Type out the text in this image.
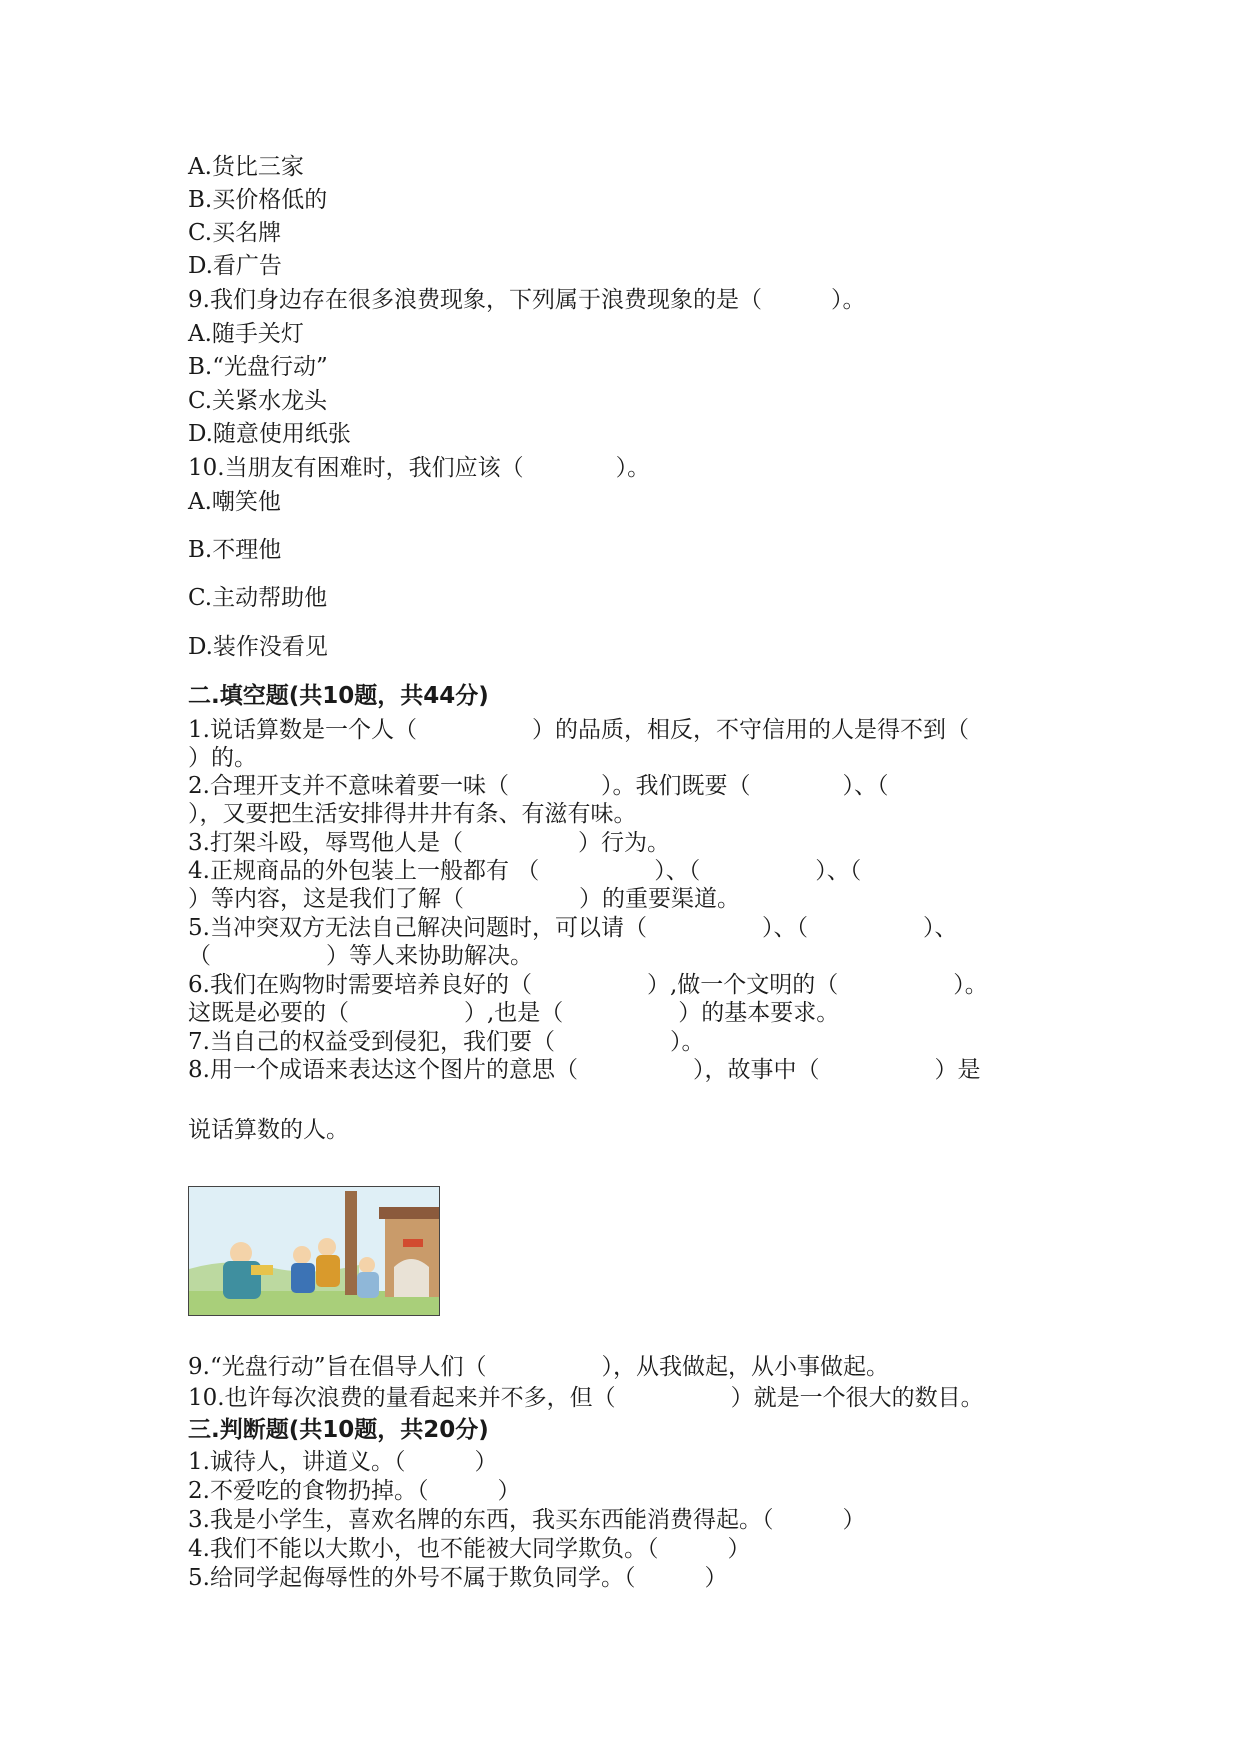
A.货比三家

B.买价格低的

C.买名牌

D.看广告

9.我们身边存在很多浪费现象，下列属于浪费现象的是（　　　）。

A.随手关灯

B.“光盘行动”

C.关紧水龙头

D.随意使用纸张

10.当朋友有困难时，我们应该（　　　　）。

A.嘲笑他

B.不理他

C.主动帮助他

D.装作没看见

二.填空题(共10题，共44分)

1.说话算数是一个人（　　　　　）的品质，相反，不守信用的人是得不到（

）的。

2.合理开支并不意味着要一味（　　　　）。我们既要（　　　　）、（

），又要把生活安排得井井有条、有滋有味。

3.打架斗殴，辱骂他人是（　　　　　）行为。

4.正规商品的外包装上一般都有 （　　　　　）、（　　　　　）、（

）等内容，这是我们了解（　　　　　）的重要渠道。

5.当冲突双方无法自己解决问题时，可以请（　　　　　）、（　　　　　）、

（　　　　　）等人来协助解决。

6.我们在购物时需要培养良好的（　　　　　）,做一个文明的（　　　　　）。

这既是必要的（　　　　　）,也是（　　　　　）的基本要求。

7.当自己的权益受到侵犯，我们要（　　　　　）。

8.用一个成语来表达这个图片的意思（　　　　　），故事中（　　　　　）是

说话算数的人。

9.“光盘行动”旨在倡导人们（　　　　　），从我做起，从小事做起。

10.也许每次浪费的量看起来并不多，但（　　　　　）就是一个很大的数目。

三.判断题(共10题，共20分)

1.诚待人，讲道义。（　　　）

2.不爱吃的食物扔掉。（　　　）

3.我是小学生，喜欢名牌的东西，我买东西能消费得起。（　　　）

4.我们不能以大欺小，也不能被大同学欺负。（　　　）

5.给同学起侮辱性的外号不属于欺负同学。（　　　）
